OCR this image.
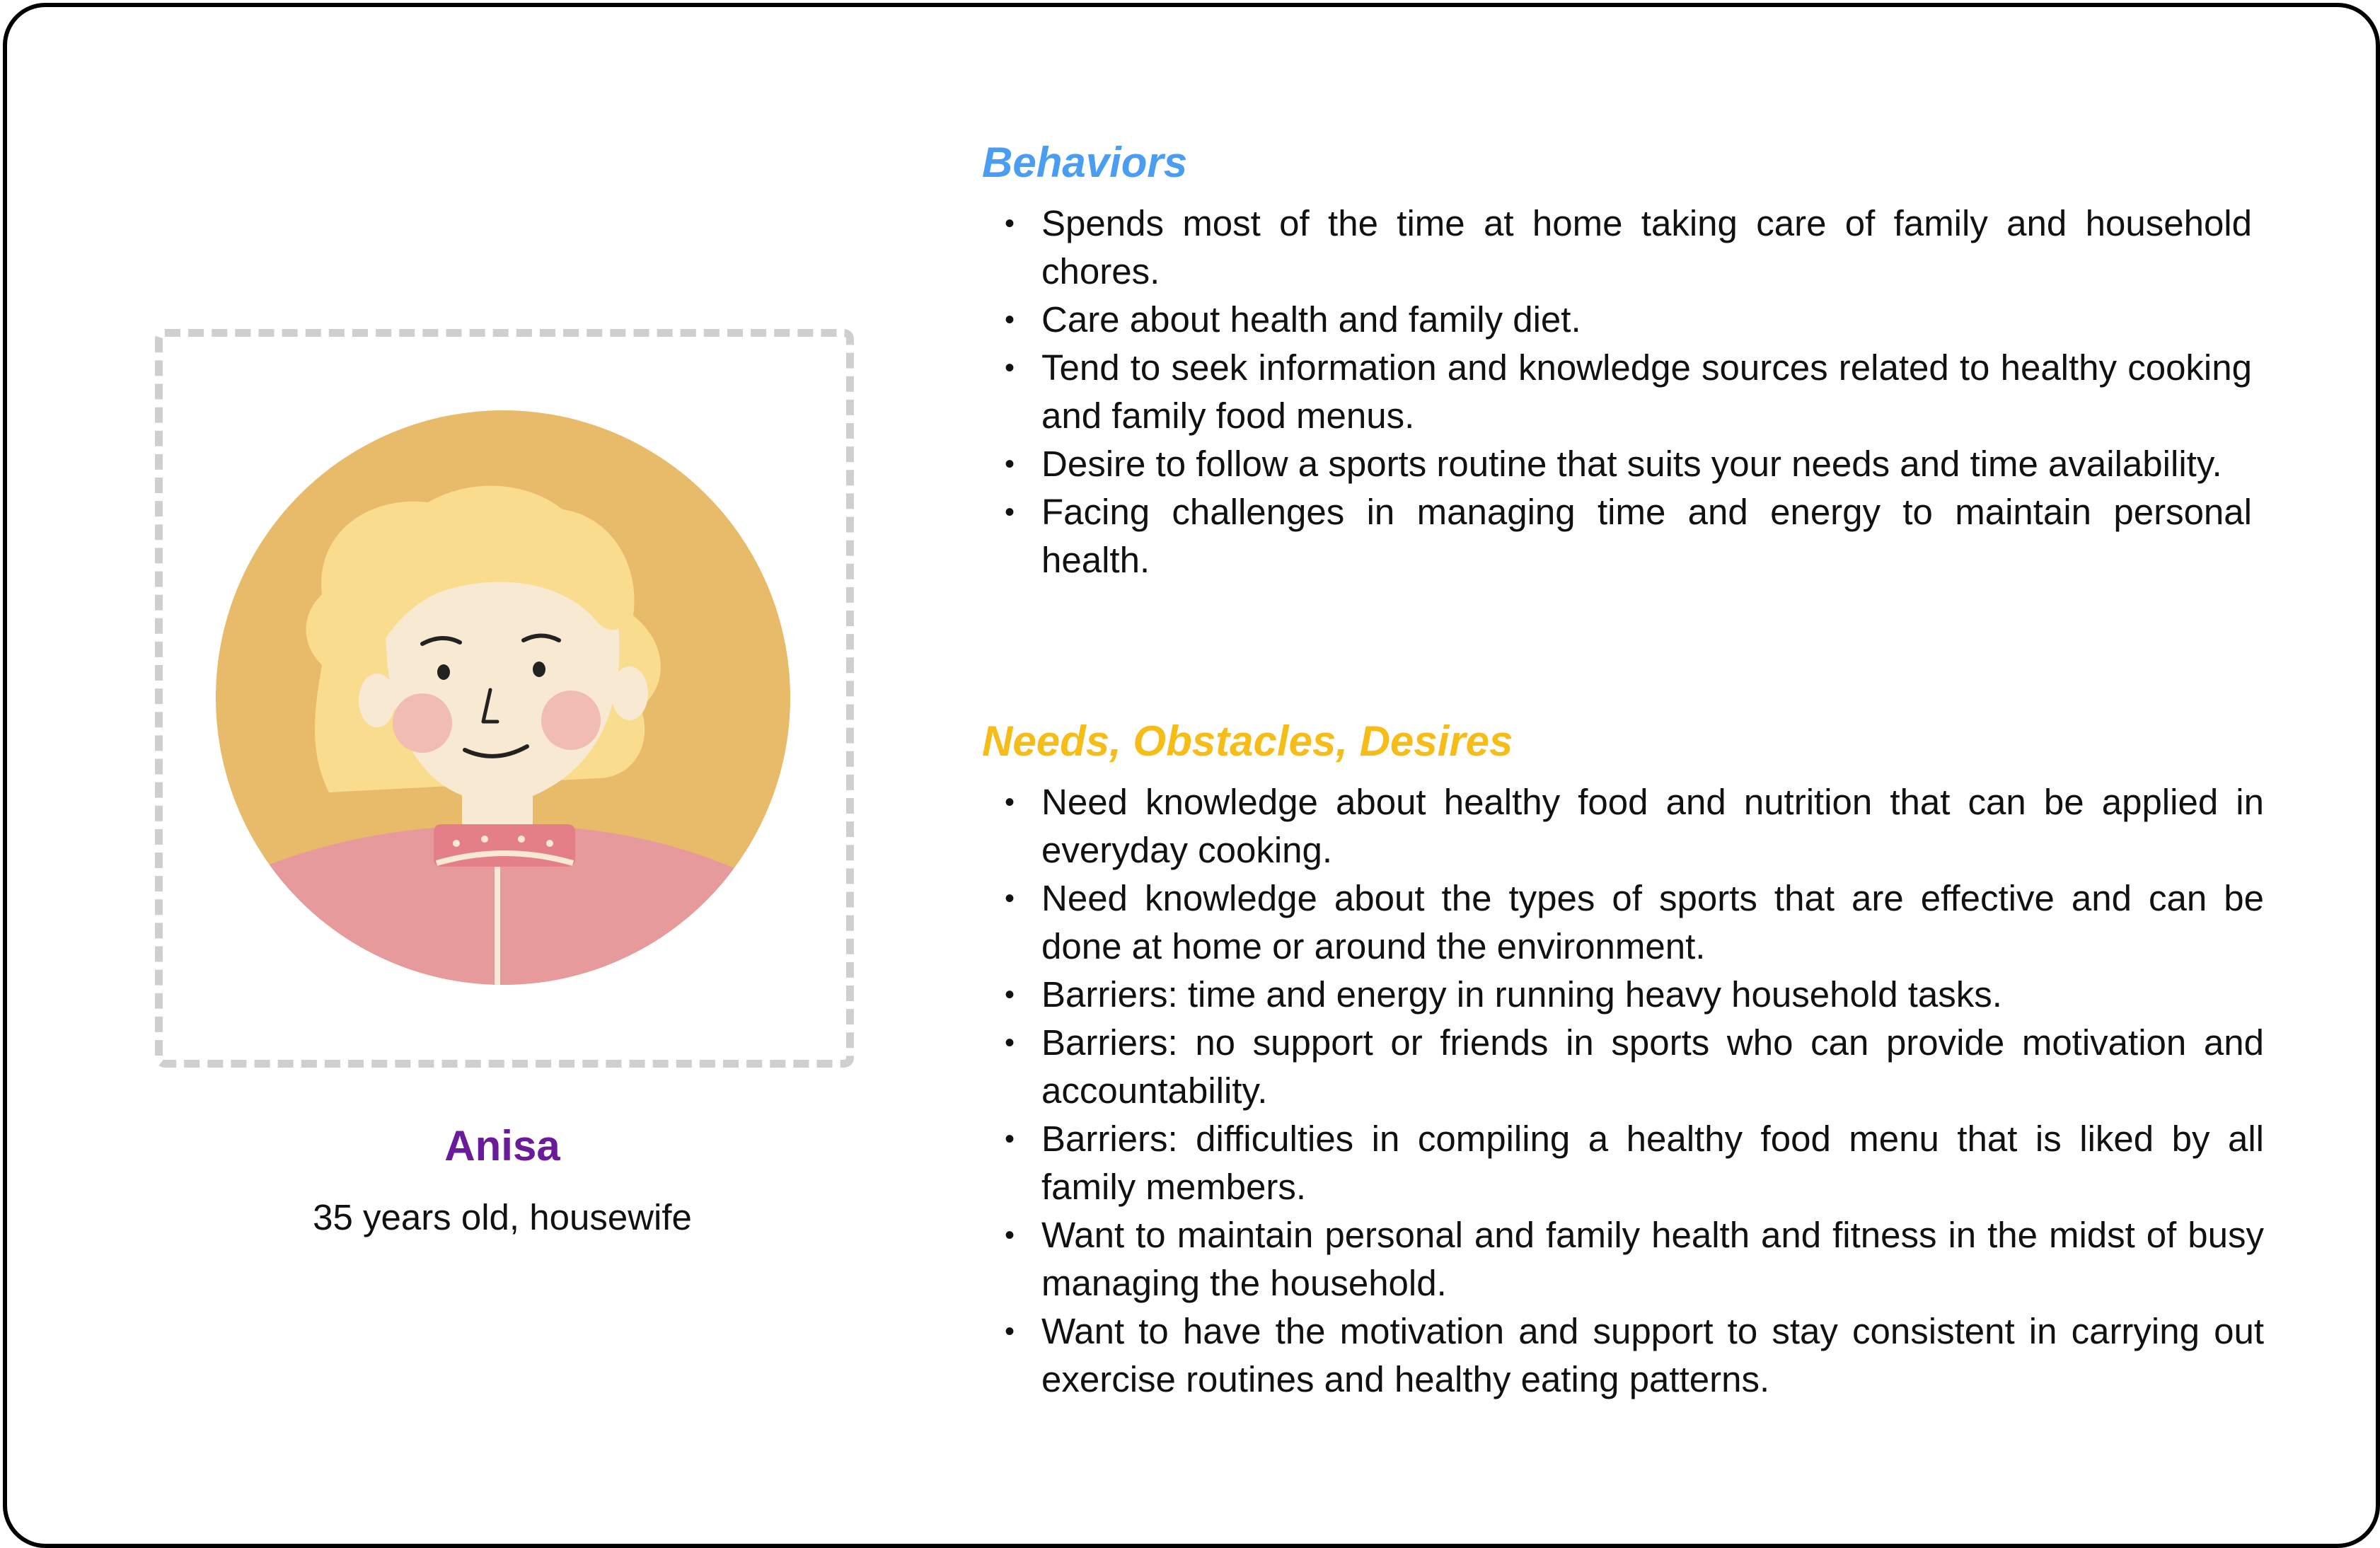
Anisa
35 years old, housewife
Behaviors
• Spends most of the time at home taking care of family and household chores.
• Care about health and family diet.
• Tend to seek information and knowledge sources related to healthy cooking and family food menus.
• Desire to follow a sports routine that suits your needs and time availability.
• Facing challenges in managing time and energy to maintain personal health.
Needs, Obstacles, Desires
• Need knowledge about healthy food and nutrition that can be applied in everyday cooking.
• Need knowledge about the types of sports that are effective and can be done at home or around the environment.
• Barriers: time and energy in running heavy household tasks.
• Barriers: no support or friends in sports who can provide motivation and accountability.
• Barriers: difficulties in compiling a healthy food menu that is liked by all family members.
• Want to maintain personal and family health and fitness in the midst of busy managing the household.
• Want to have the motivation and support to stay consistent in carrying out exercise routines and healthy eating patterns.
